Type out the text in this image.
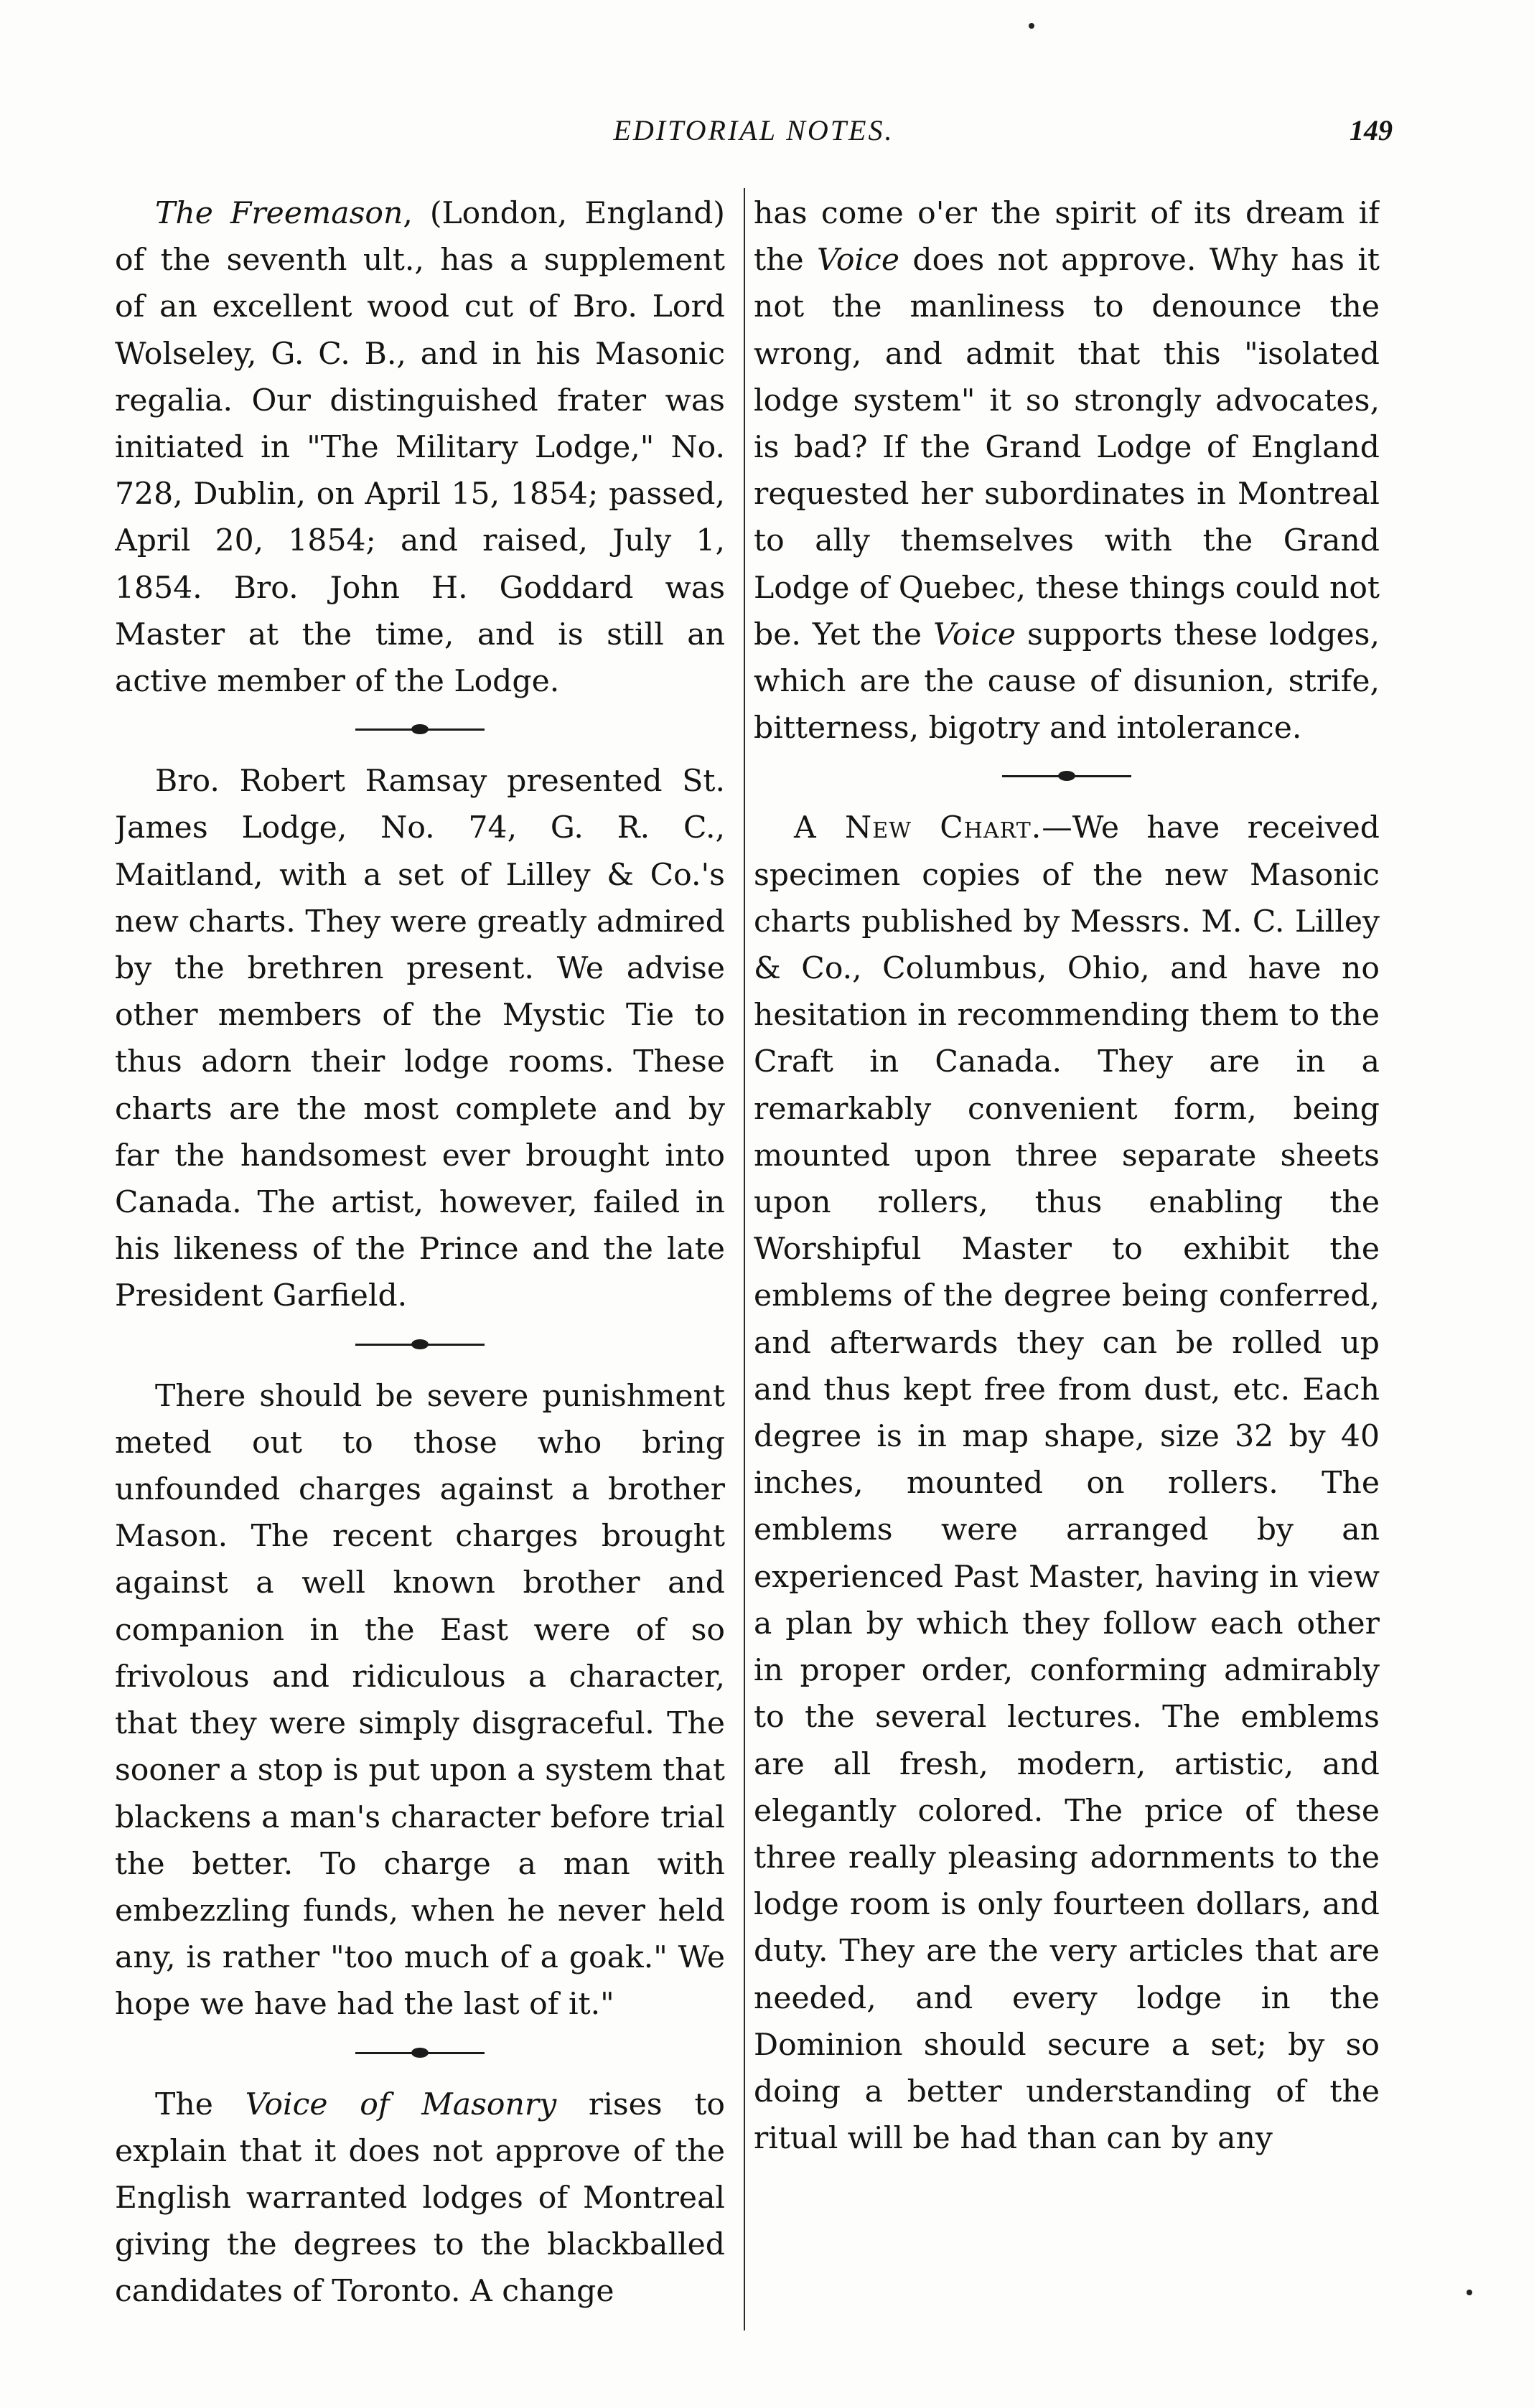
EDITORIAL NOTES.	149

The Freemason, (London, England) of the seventh ult., has a supplement of an excellent wood cut of Bro. Lord Wolseley, G. C. B., and in his Masonic regalia. Our distinguished frater was initiated in "The Military Lodge," No. 728, Dublin, on April 15, 1854; passed, April 20, 1854; and raised, July 1, 1854. Bro. John H. Goddard was Master at the time, and is still an active member of the Lodge.

Bro. Robert Ramsay presented St. James Lodge, No. 74, G. R. C., Maitland, with a set of Lilley & Co.'s new charts. They were greatly admired by the brethren present. We advise other members of the Mystic Tie to thus adorn their lodge rooms. These charts are the most complete and by far the handsomest ever brought into Canada. The artist, however, failed in his likeness of the Prince and the late President Garfield.

There should be severe punishment meted out to those who bring unfounded charges against a brother Mason. The recent charges brought against a well known brother and companion in the East were of so frivolous and ridiculous a character, that they were simply disgraceful. The sooner a stop is put upon a system that blackens a man's character before trial the better. To charge a man with embezzling funds, when he never held any, is rather "too much of a goak." We hope we have had the last of it."

The Voice of Masonry rises to explain that it does not approve of the English warranted lodges of Montreal giving the degrees to the blackballed candidates of Toronto. A change

has come o'er the spirit of its dream if the Voice does not approve. Why has it not the manliness to denounce the wrong, and admit that this "isolated lodge system" it so strongly advocates, is bad? If the Grand Lodge of England requested her subordinates in Montreal to ally themselves with the Grand Lodge of Quebec, these things could not be. Yet the Voice supports these lodges, which are the cause of disunion, strife, bitterness, bigotry and intolerance.

A New Chart.—We have received specimen copies of the new Masonic charts published by Messrs. M. C. Lilley & Co., Columbus, Ohio, and have no hesitation in recommending them to the Craft in Canada. They are in a remarkably convenient form, being mounted upon three separate sheets upon rollers, thus enabling the Worshipful Master to exhibit the emblems of the degree being conferred, and afterwards they can be rolled up and thus kept free from dust, etc. Each degree is in map shape, size 32 by 40 inches, mounted on rollers. The emblems were arranged by an experienced Past Master, having in view a plan by which they follow each other in proper order, conforming admirably to the several lectures. The emblems are all fresh, modern, artistic, and elegantly colored. The price of these three really pleasing adornments to the lodge room is only fourteen dollars, and duty. They are the very articles that are needed, and every lodge in the Dominion should secure a set; by so doing a better understanding of the ritual will be had than can by any
